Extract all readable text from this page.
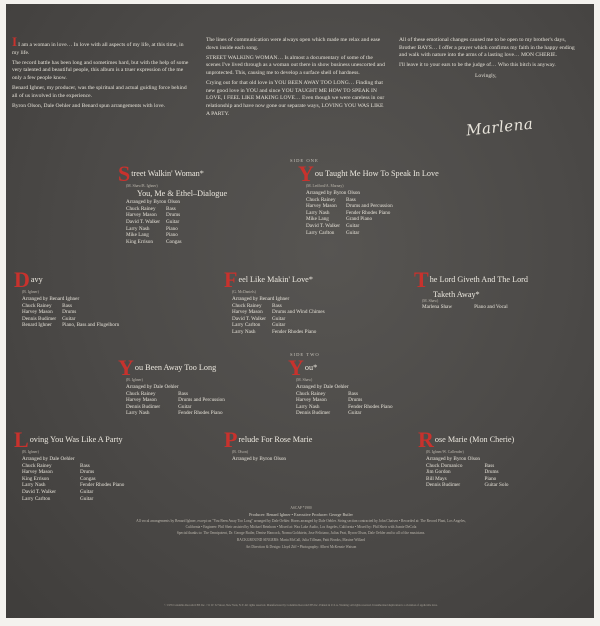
II am a woman in love… In love with all aspects of my life, at this time, in my life.

The record battle has been long and sometimes hard, but with the help of some very talented and beautiful people, this album is a truer expression of the me only a few people know.

Benard Ighner, my producer, was the spiritual and actual guiding force behind all of us involved in the experience.

Byron Olson, Dale Oehler and Benard spun arrangements with love.

The lines of communication were always open which made me relax and ease down inside each song.

STREET WALKING WOMAN… Is almost a documentary of some of the scenes I've lived through as a woman out there in show business unescorted and unprotected. This, causing me to develop a surface shell of hardness.

Crying out for that old love in YOU BEEN AWAY TOO LONG… Finding that new good love in YOU and since YOU TAUGHT ME HOW TO SPEAK IN LOVE, I FEEL LIKE MAKING LOVE… Even though we were careless in our relationship and have now gone our separate ways, LOVING YOU WAS LIKE A PARTY.

All of these emotional changes caused me to be open to my brother's days, Brother BAYS… I offer a prayer which confirms my faith in the happy ending and walk with nature into the arms of a lasting love… MON CHERIE.

I'll leave it to your ears to be the judge of… Who this bitch is anyway.

Lovingly,

Marlena
SIDE ONE
SIDE TWO
S treet Walkin' Woman*
(M. Shaw/B. Ighner)
You, Me & Ethel–Dialogue
Arranged by Byron Olson
Chuck Rainey	Bass
Harvey Mason	Drums
David T. Walker	Guitar
Larry Nash	Piano
Mike Lang	Piano
King Errison	Congas
Y ou Taught Me How To Speak In Love
(M. Ledford/A. Marnay)
Arranged by Byron Olson
Chuck Rainey	Bass
Harvey Mason	Drums and Percussion
Larry Nash	Fender Rhodes Piano
Mike Lang	Grand Piano
David T. Walker	Guitar
Larry Carlton	Guitar
D avy
(B. Ighner)
Arranged by Benard Ighner
Chuck Rainey	Bass
Harvey Mason	Drums
Dennis Budimer	Guitar
Benard Ighner	Piano, Bass and Flugelhorn
F eel Like Makin' Love*
(G. McDaniels)
Arranged by Benard Ighner
Chuck Rainey	Bass
Harvey Mason	Drums and Wind Chimes
David T. Walker	Guitar
Larry Carlton	Guitar
Larry Nash	Fender Rhodes Piano
T he Lord Giveth And The Lord
Taketh Away*
(M. Shaw)
Marlena Shaw	Piano and Vocal
Y ou Been Away Too Long
(B. Ighner)
Arranged by Dale Oehler
Chuck Rainey	Bass
Harvey Mason	Drums and Percussion
Dennis Budimer	Guitar
Larry Nash	Fender Rhodes Piano
Y ou*
(M. Shaw)
Arranged by Dale Oehler
Chuck Rainey	Bass
Harvey Mason	Drums
Larry Nash	Fender Rhodes Piano
Dennis Budimer	Guitar
L oving You Was Like A Party
(B. Ighner)
Arranged by Dale Oehler
Chuck Rainey	Bass
Harvey Mason	Drums
King Errison	Congas
Larry Nash	Fender Rhodes Piano
David T. Walker	Guitar
Larry Carlton	Guitar
P relude For Rose Marie
(B. Olson)
Arranged by Byron Olson
R ose Marie (Mon Cherie)
(B. Ighner/W. Callender)
Arranged by Byron Olson
Chuck Domanico	Bass
Jim Gordon	Drums
Bill Mays	Piano
Dennis Budimer	Guitar Solo
ASCAP *1980
Producer: Benard Ighner • Executive Producer: George Butler

All vocal arrangements by Benard Ighner, except on "You Been Away Too Long" arranged by Dale Oehler. Horns arranged by Dale Oehler. String section contracted by John Chaisen • Recorded at: The Record Plant, Los Angeles, California • Engineer: Phil Sheir assisted by Michael Beinhorn • Mixed at: Wax Lake Audio, Los Angeles, California • Mixed by: Phil Sheir with Joanie DeCola

Special thanks to: The Omnipotent, Dr. George Butler, Denise Hancock, Norma Goldstein, Jose Feliciano, Julius Peat, Byron Olson, Dale Oehler and to all of the musicians.

BACKGROUND SINGERS: Maria McCall, Julia Tillman, Patti Brooks, Maxine Willard

Art Direction & Design: Lloyd Ziff • Photography: Albert McKenzie Watson

© 1976 Columbia Records/CBS Inc. / 51 W. 52 Street, New York, N.Y. All rights reserved. Manufactured by Columbia Records/CBS Inc. Printed in U.S.A. Warning: All rights reserved. Unauthorized duplication is a violation of applicable laws.
